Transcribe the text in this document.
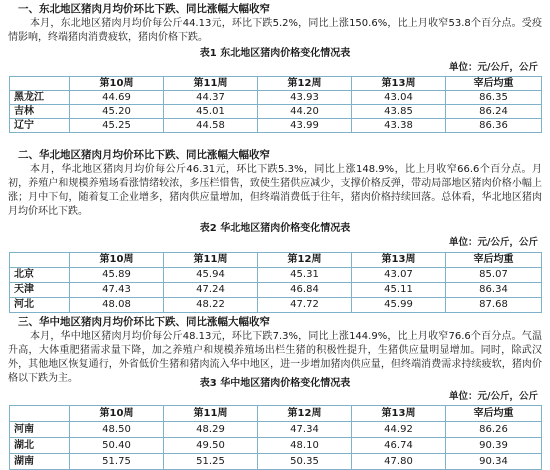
一、东北地区猪肉月均价环比下跌、同比涨幅大幅收窄
本月，东北地区猪肉月均价每公斤44.13元，环比下跌5.2%，同比上涨150.6%，比上月收窄53.8个百分点。受疫情影响，终端猪肉消费疲软，猪肉价格下跌。
表1 东北地区猪肉价格变化情况表
单位：元/公斤，公斤
	第10周	第11周	第12周	第13周	宰后均重
黑龙江	44.69	44.37	43.93	43.04	86.35
吉林	45.20	45.01	44.20	43.85	86.24
辽宁	45.25	44.58	43.99	43.38	86.36
二、华北地区猪肉月均价环比下跌、同比涨幅大幅收窄
本月，华北地区猪肉月均价每公斤46.31元，环比下跌5.3%，同比上涨148.9%，比上月收窄66.6个百分点。月初，养殖户和规模养殖场看涨情绪较浓，多压栏惜售，致使生猪供应减少，支撑价格反弹，带动局部地区猪肉价格小幅上涨；月中下旬，随着复工企业增多，猪肉供应量增加，但终端消费低于往年，猪肉价格持续回落。总体看，华北地区猪肉月均价环比下跌。
表2 华北地区猪肉价格变化情况表
单位：元/公斤，公斤
	第10周	第11周	第12周	第13周	宰后均重
北京	45.89	45.94	45.31	43.07	85.07
天津	47.43	47.24	46.84	45.11	86.34
河北	48.08	48.22	47.72	45.99	87.68
三、华中地区猪肉月均价环比下跌、同比涨幅大幅收窄
本月，华中地区猪肉月均价每公斤48.13元，环比下跌7.3%，同比上涨144.9%，比上月收窄76.6个百分点。气温升高，大体重肥猪需求量下降，加之养殖户和规模养殖场出栏生猪的积极性提升，生猪供应量明显增加。同时，除武汉外，其他地区恢复通行，外省低价生猪和猪肉流入华中地区，进一步增加猪肉供应量，但终端消费需求持续疲软，猪肉价格以下跌为主。	表3 华中地区猪肉价格变化情况表
单位：元/公斤，公斤
	第10周	第11周	第12周	第13周	宰后均重
河南	48.50	48.29	47.34	44.92	86.26
湖北	50.40	49.50	48.10	46.74	90.39
湖南	51.75	51.25	50.35	47.80	90.34
